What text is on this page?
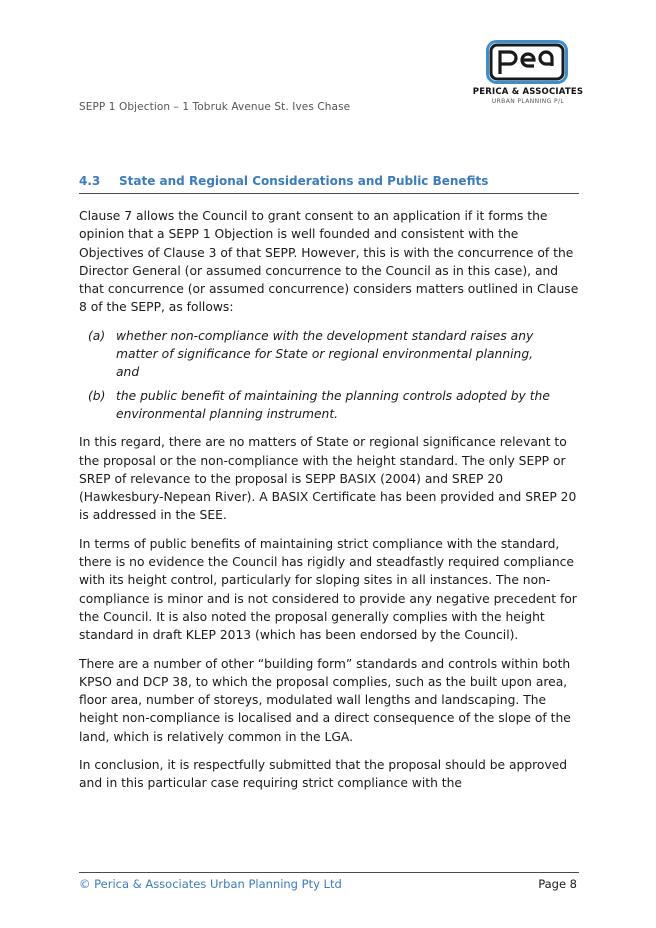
SEPP 1 Objection – 1 Tobruk Avenue St. Ives Chase
PERICA & ASSOCIATES
URBAN PLANNING P/L
4.3 State and Regional Considerations and Public Benefits

Clause 7 allows the Council to grant consent to an application if it forms the opinion that a SEPP 1 Objection is well founded and consistent with the Objectives of Clause 3 of that SEPP. However, this is with the concurrence of the Director General (or assumed concurrence to the Council as in this case), and that concurrence (or assumed concurrence) considers matters outlined in Clause 8 of the SEPP, as follows:

(a) whether non-compliance with the development standard raises any matter of significance for State or regional environmental planning, and
(b) the public benefit of maintaining the planning controls adopted by the environmental planning instrument.

In this regard, there are no matters of State or regional significance relevant to the proposal or the non-compliance with the height standard. The only SEPP or SREP of relevance to the proposal is SEPP BASIX (2004) and SREP 20 (Hawkesbury-Nepean River). A BASIX Certificate has been provided and SREP 20 is addressed in the SEE.

In terms of public benefits of maintaining strict compliance with the standard, there is no evidence the Council has rigidly and steadfastly required compliance with its height control, particularly for sloping sites in all instances. The non-compliance is minor and is not considered to provide any negative precedent for the Council. It is also noted the proposal generally complies with the height standard in draft KLEP 2013 (which has been endorsed by the Council).

There are a number of other “building form” standards and controls within both KPSO and DCP 38, to which the proposal complies, such as the built upon area, floor area, number of storeys, modulated wall lengths and landscaping. The height non-compliance is localised and a direct consequence of the slope of the land, which is relatively common in the LGA.

In conclusion, it is respectfully submitted that the proposal should be approved and in this particular case requiring strict compliance with the

© Perica & Associates Urban Planning Pty Ltd	Page 8
